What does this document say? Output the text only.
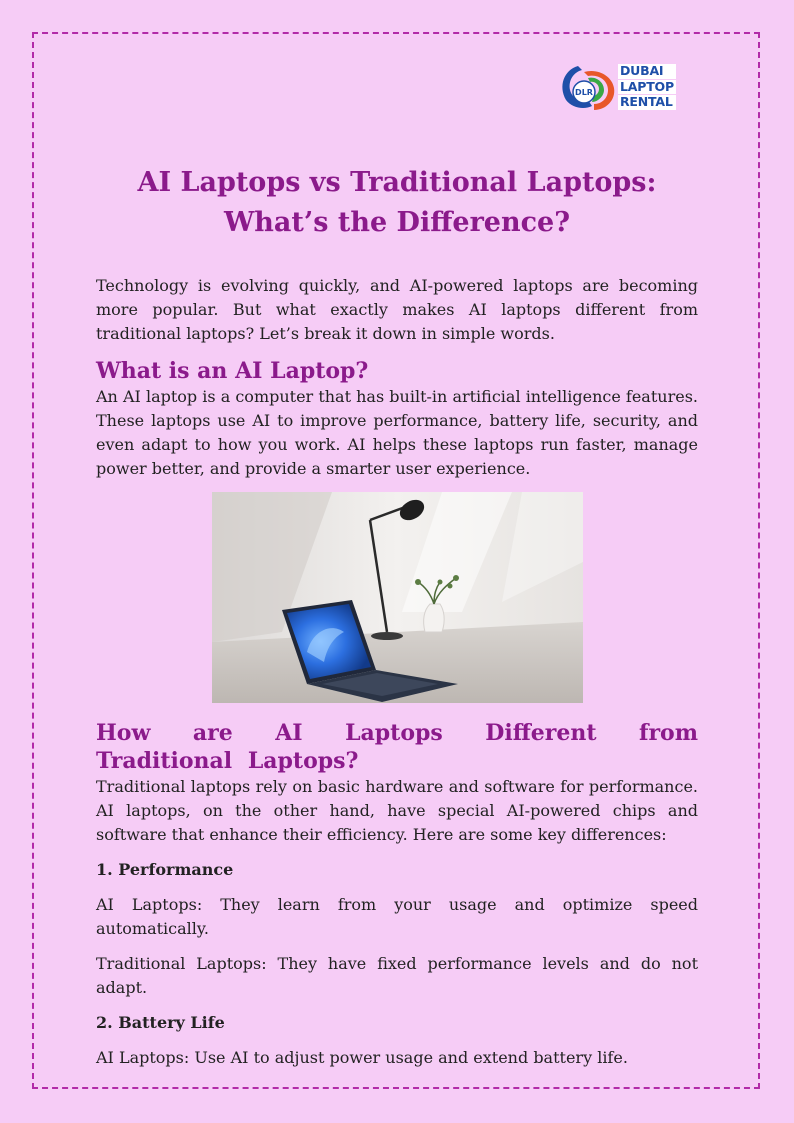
DLR
DUBAI
LAPTOP
RENTAL
AI Laptops vs Traditional Laptops:
What’s the Difference?

Technology is evolving quickly, and AI-powered laptops are becoming more popular. But what exactly makes AI laptops different from traditional laptops? Let’s break it down in simple words.

What is an AI Laptop?

An AI laptop is a computer that has built-in artificial intelligence features. These laptops use AI to improve performance, battery life, security, and even adapt to how you work. AI helps these laptops run faster, manage power better, and provide a smarter user experience.

How are AI Laptops Different from Traditional Laptops?

Traditional laptops rely on basic hardware and software for performance. AI laptops, on the other hand, have special AI-powered chips and software that enhance their efficiency. Here are some key differences:

1. Performance

AI Laptops: They learn from your usage and optimize speed automatically.

Traditional Laptops: They have fixed performance levels and do not adapt.

2. Battery Life

AI Laptops: Use AI to adjust power usage and extend battery life.
